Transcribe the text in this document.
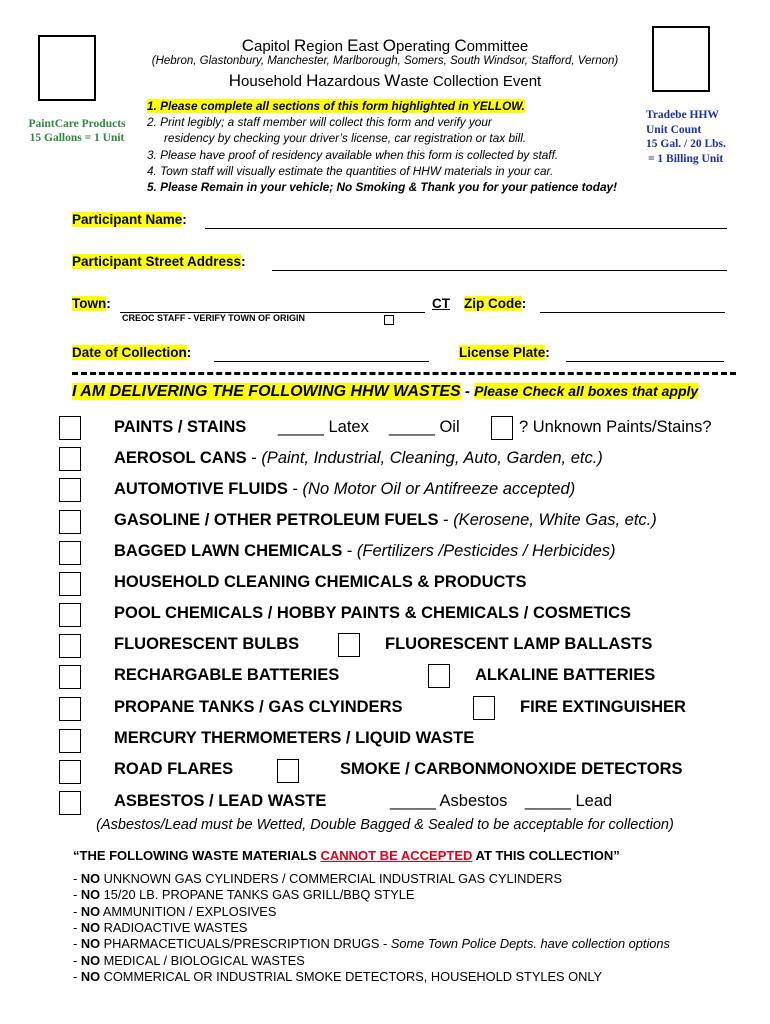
Capitol Region East Operating Committee
(Hebron, Glastonbury, Manchester, Marlborough, Somers, South Windsor, Stafford, Vernon)
Household Hazardous Waste Collection Event
PaintCare Products
15 Gallons = 1 Unit
Tradebe HHW
Unit Count
15 Gal. / 20 Lbs.
= 1 Billing Unit
1. Please complete all sections of this form highlighted in YELLOW.
2. Print legibly; a staff member will collect this form and verify your
residency by checking your driver’s license, car registration or tax bill.
3. Please have proof of residency available when this form is collected by staff.
4. Town staff will visually estimate the quantities of HHW materials in your car.
5. Please Remain in your vehicle; No Smoking & Thank you for your patience today!
Participant Name:
Participant Street Address:
Town:	CT Zip Code:
CREOC STAFF - VERIFY TOWN OF ORIGIN
Date of Collection:	License Plate:
I AM DELIVERING THE FOLLOWING HHW WASTES - Please Check all boxes that apply
PAINTS / STAINS _____ Latex _____ Oil	? Unknown Paints/Stains?
AEROSOL CANS - (Paint, Industrial, Cleaning, Auto, Garden, etc.)
AUTOMOTIVE FLUIDS - (No Motor Oil or Antifreeze accepted)
GASOLINE / OTHER PETROLEUM FUELS - (Kerosene, White Gas, etc.)
BAGGED LAWN CHEMICALS - (Fertilizers /Pesticides / Herbicides)
HOUSEHOLD CLEANING CHEMICALS & PRODUCTS
POOL CHEMICALS / HOBBY PAINTS & CHEMICALS / COSMETICS
FLUORESCENT BULBS	FLUORESCENT LAMP BALLASTS
RECHARGABLE BATTERIES	ALKALINE BATTERIES
PROPANE TANKS / GAS CLYINDERS	FIRE EXTINGUISHER
MERCURY THERMOMETERS / LIQUID WASTE
ROAD FLARES	SMOKE / CARBONMONOXIDE DETECTORS
ASBESTOS / LEAD WASTE	_____ Asbestos _____ Lead
(Asbestos/Lead must be Wetted, Double Bagged & Sealed to be acceptable for collection)
“THE FOLLOWING WASTE MATERIALS CANNOT BE ACCEPTED AT THIS COLLECTION”
- NO UNKNOWN GAS CYLINDERS / COMMERCIAL INDUSTRIAL GAS CYLINDERS
- NO 15/20 LB. PROPANE TANKS GAS GRILL/BBQ STYLE
- NO AMMUNITION / EXPLOSIVES
- NO RADIOACTIVE WASTES
- NO PHARMACETICUALS/PRESCRIPTION DRUGS - Some Town Police Depts. have collection options
- NO MEDICAL / BIOLOGICAL WASTES
- NO COMMERICAL OR INDUSTRIAL SMOKE DETECTORS, HOUSEHOLD STYLES ONLY
